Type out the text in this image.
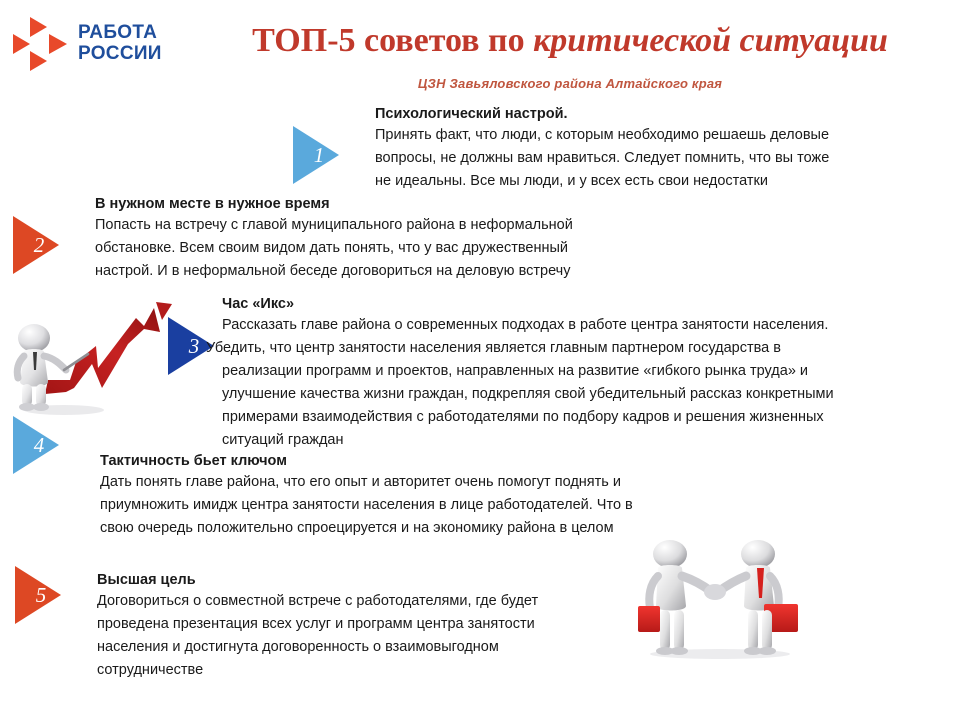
РАБОТА
РОССИИ	ТОП-5 советов по критической ситуации
ЦЗН Завьяловского района Алтайского края
1
Психологический настрой.
Принять факт, что люди, с которым необходимо решаешь деловые
вопросы, не должны вам нравиться. Следует помнить, что вы тоже
не идеальны. Все мы люди, и у всех есть свои недостатки
2
В нужном месте в нужное время
Попасть на встречу с главой муниципального района в неформальной
обстановке. Всем своим видом дать понять, что у вас дружественный
настрой. И в неформальной беседе договориться на деловую встречу
3
Час «Икс»
Рассказать главе района о современных подходах в работе центра занятости населения.
Убедить, что центр занятости населения является главным партнером государства в
реализации программ и проектов, направленных на развитие «гибкого рынка труда» и
улучшение качества жизни граждан, подкрепляя свой убедительный рассказ конкретными
примерами взаимодействия с работодателями по подбору кадров и решения жизненных
ситуаций граждан
4
Тактичность бьет ключом
Дать понять главе района, что его опыт и авторитет очень помогут поднять и
приумножить имидж центра занятости населения в лице работодателей. Что в
свою очередь положительно спроецируется и на экономику района в целом
5
Высшая цель
Договориться о совместной встрече с работодателями, где будет
проведена презентация всех услуг и программ центра занятости
населения и достигнута договоренность о взаимовыгодном
сотрудничестве
